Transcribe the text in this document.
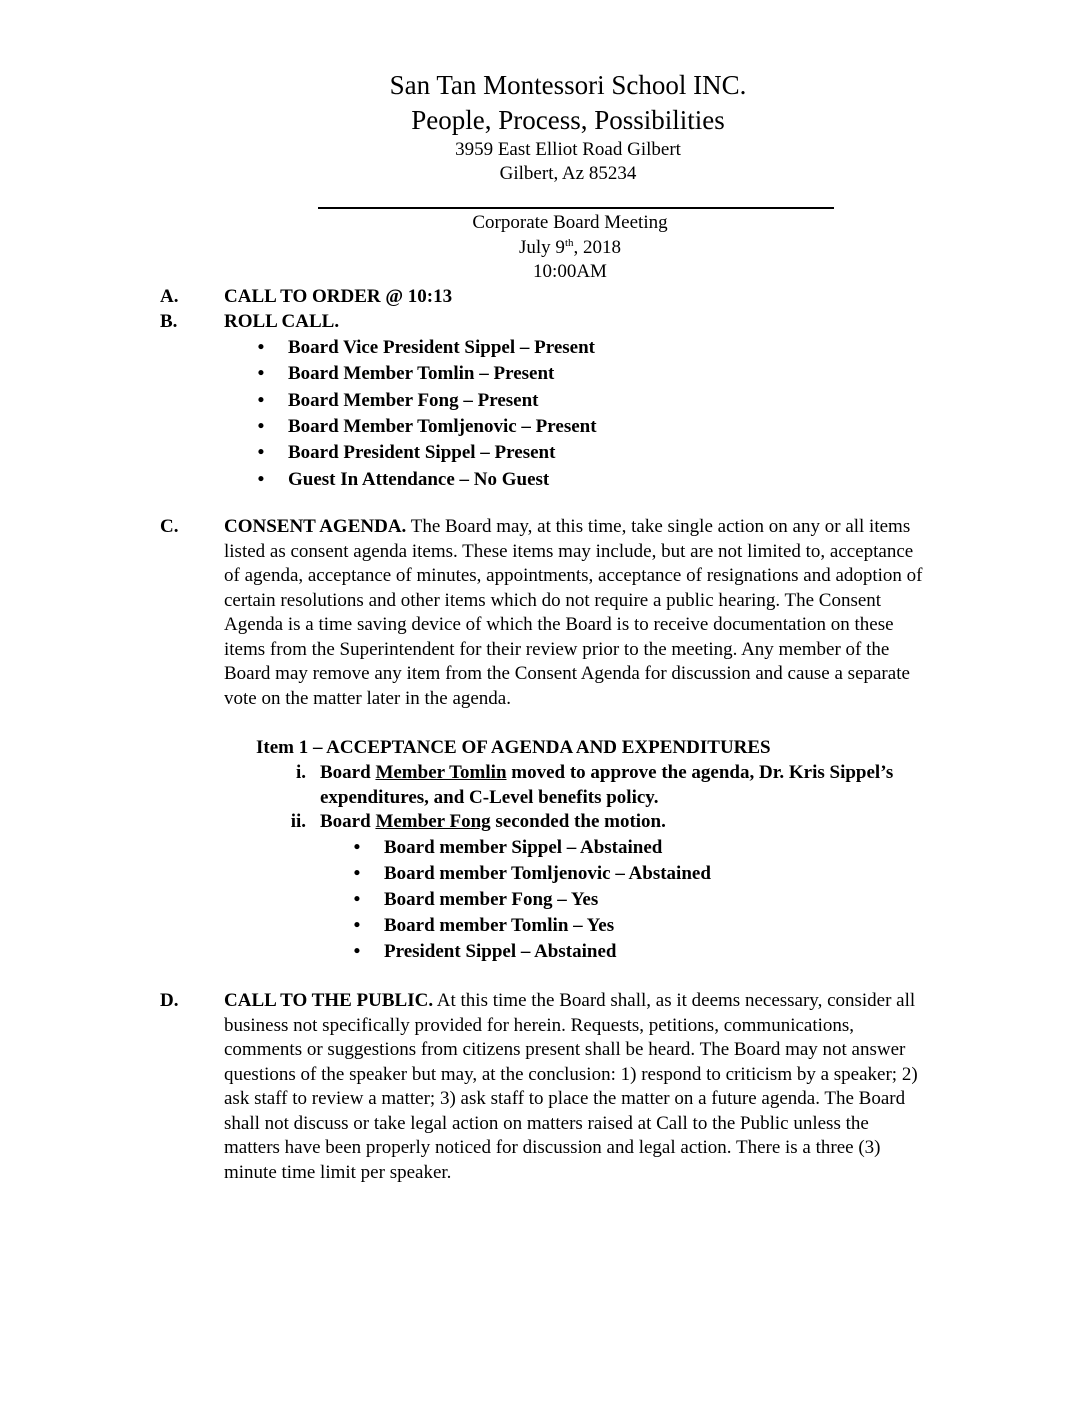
San Tan Montessori School INC.
People, Process, Possibilities
3959 East Elliot Road Gilbert
Gilbert, Az 85234
Corporate Board Meeting
July 9th, 2018
10:00AM
A. CALL TO ORDER @ 10:13
B. ROLL CALL.
•	Board Vice President Sippel – Present
•	Board Member Tomlin – Present
•	Board Member Fong – Present
•	Board Member Tomljenovic – Present
•	Board President Sippel – Present
•	Guest In Attendance – No Guest
C. CONSENT AGENDA. The Board may, at this time, take single action on any or all items
listed as consent agenda items. These items may include, but are not limited to, acceptance
of agenda, acceptance of minutes, appointments, acceptance of resignations and adoption of
certain resolutions and other items which do not require a public hearing. The Consent
Agenda is a time saving device of which the Board is to receive documentation on these
items from the Superintendent for their review prior to the meeting. Any member of the
Board may remove any item from the Consent Agenda for discussion and cause a separate
vote on the matter later in the agenda.
Item 1 – ACCEPTANCE OF AGENDA AND EXPENDITURES
i. Board Member Tomlin moved to approve the agenda, Dr. Kris Sippel’s
expenditures, and C-Level benefits policy.
ii. Board Member Fong seconded the motion.
•	Board member Sippel – Abstained
•	Board member Tomljenovic – Abstained
•	Board member Fong – Yes
•	Board member Tomlin – Yes
•	President Sippel – Abstained
D. CALL TO THE PUBLIC. At this time the Board shall, as it deems necessary, consider all
business not specifically provided for herein. Requests, petitions, communications,
comments or suggestions from citizens present shall be heard. The Board may not answer
questions of the speaker but may, at the conclusion: 1) respond to criticism by a speaker; 2)
ask staff to review a matter; 3) ask staff to place the matter on a future agenda. The Board
shall not discuss or take legal action on matters raised at Call to the Public unless the
matters have been properly noticed for discussion and legal action. There is a three (3)
minute time limit per speaker.
